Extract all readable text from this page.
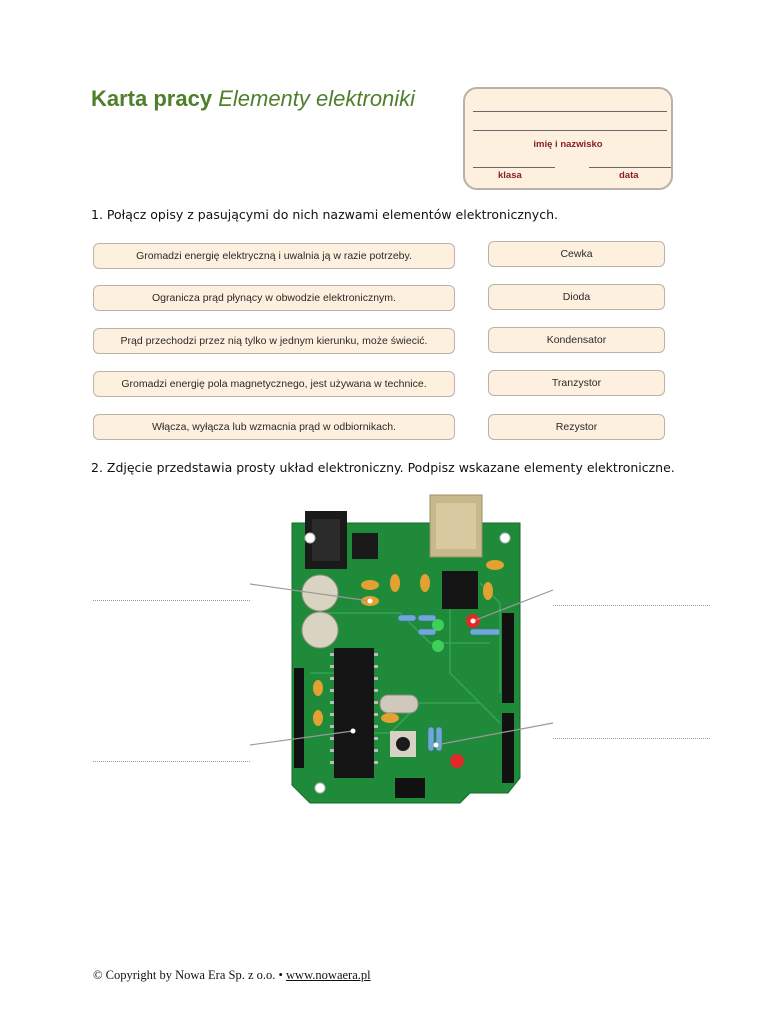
Karta pracy Elementy elektroniki
imię i nazwisko
klasa	data
1. Połącz opisy z pasującymi do nich nazwami elementów elektronicznych.
Gromadzi energię elektryczną i uwalnia ją w razie potrzeby.
Ogranicza prąd płynący w obwodzie elektronicznym.
Prąd przechodzi przez nią tylko w jednym kierunku, może świecić.
Gromadzi energię pola magnetycznego, jest używana w technice.
Włącza, wyłącza lub wzmacnia prąd w odbiornikach.
Cewka
Dioda
Kondensator
Tranzystor
Rezystor
2. Zdjęcie przedstawia prosty układ elektroniczny. Podpisz wskazane elementy elektroniczne.
© Copyright by Nowa Era Sp. z o.o. • www.nowaera.pl
